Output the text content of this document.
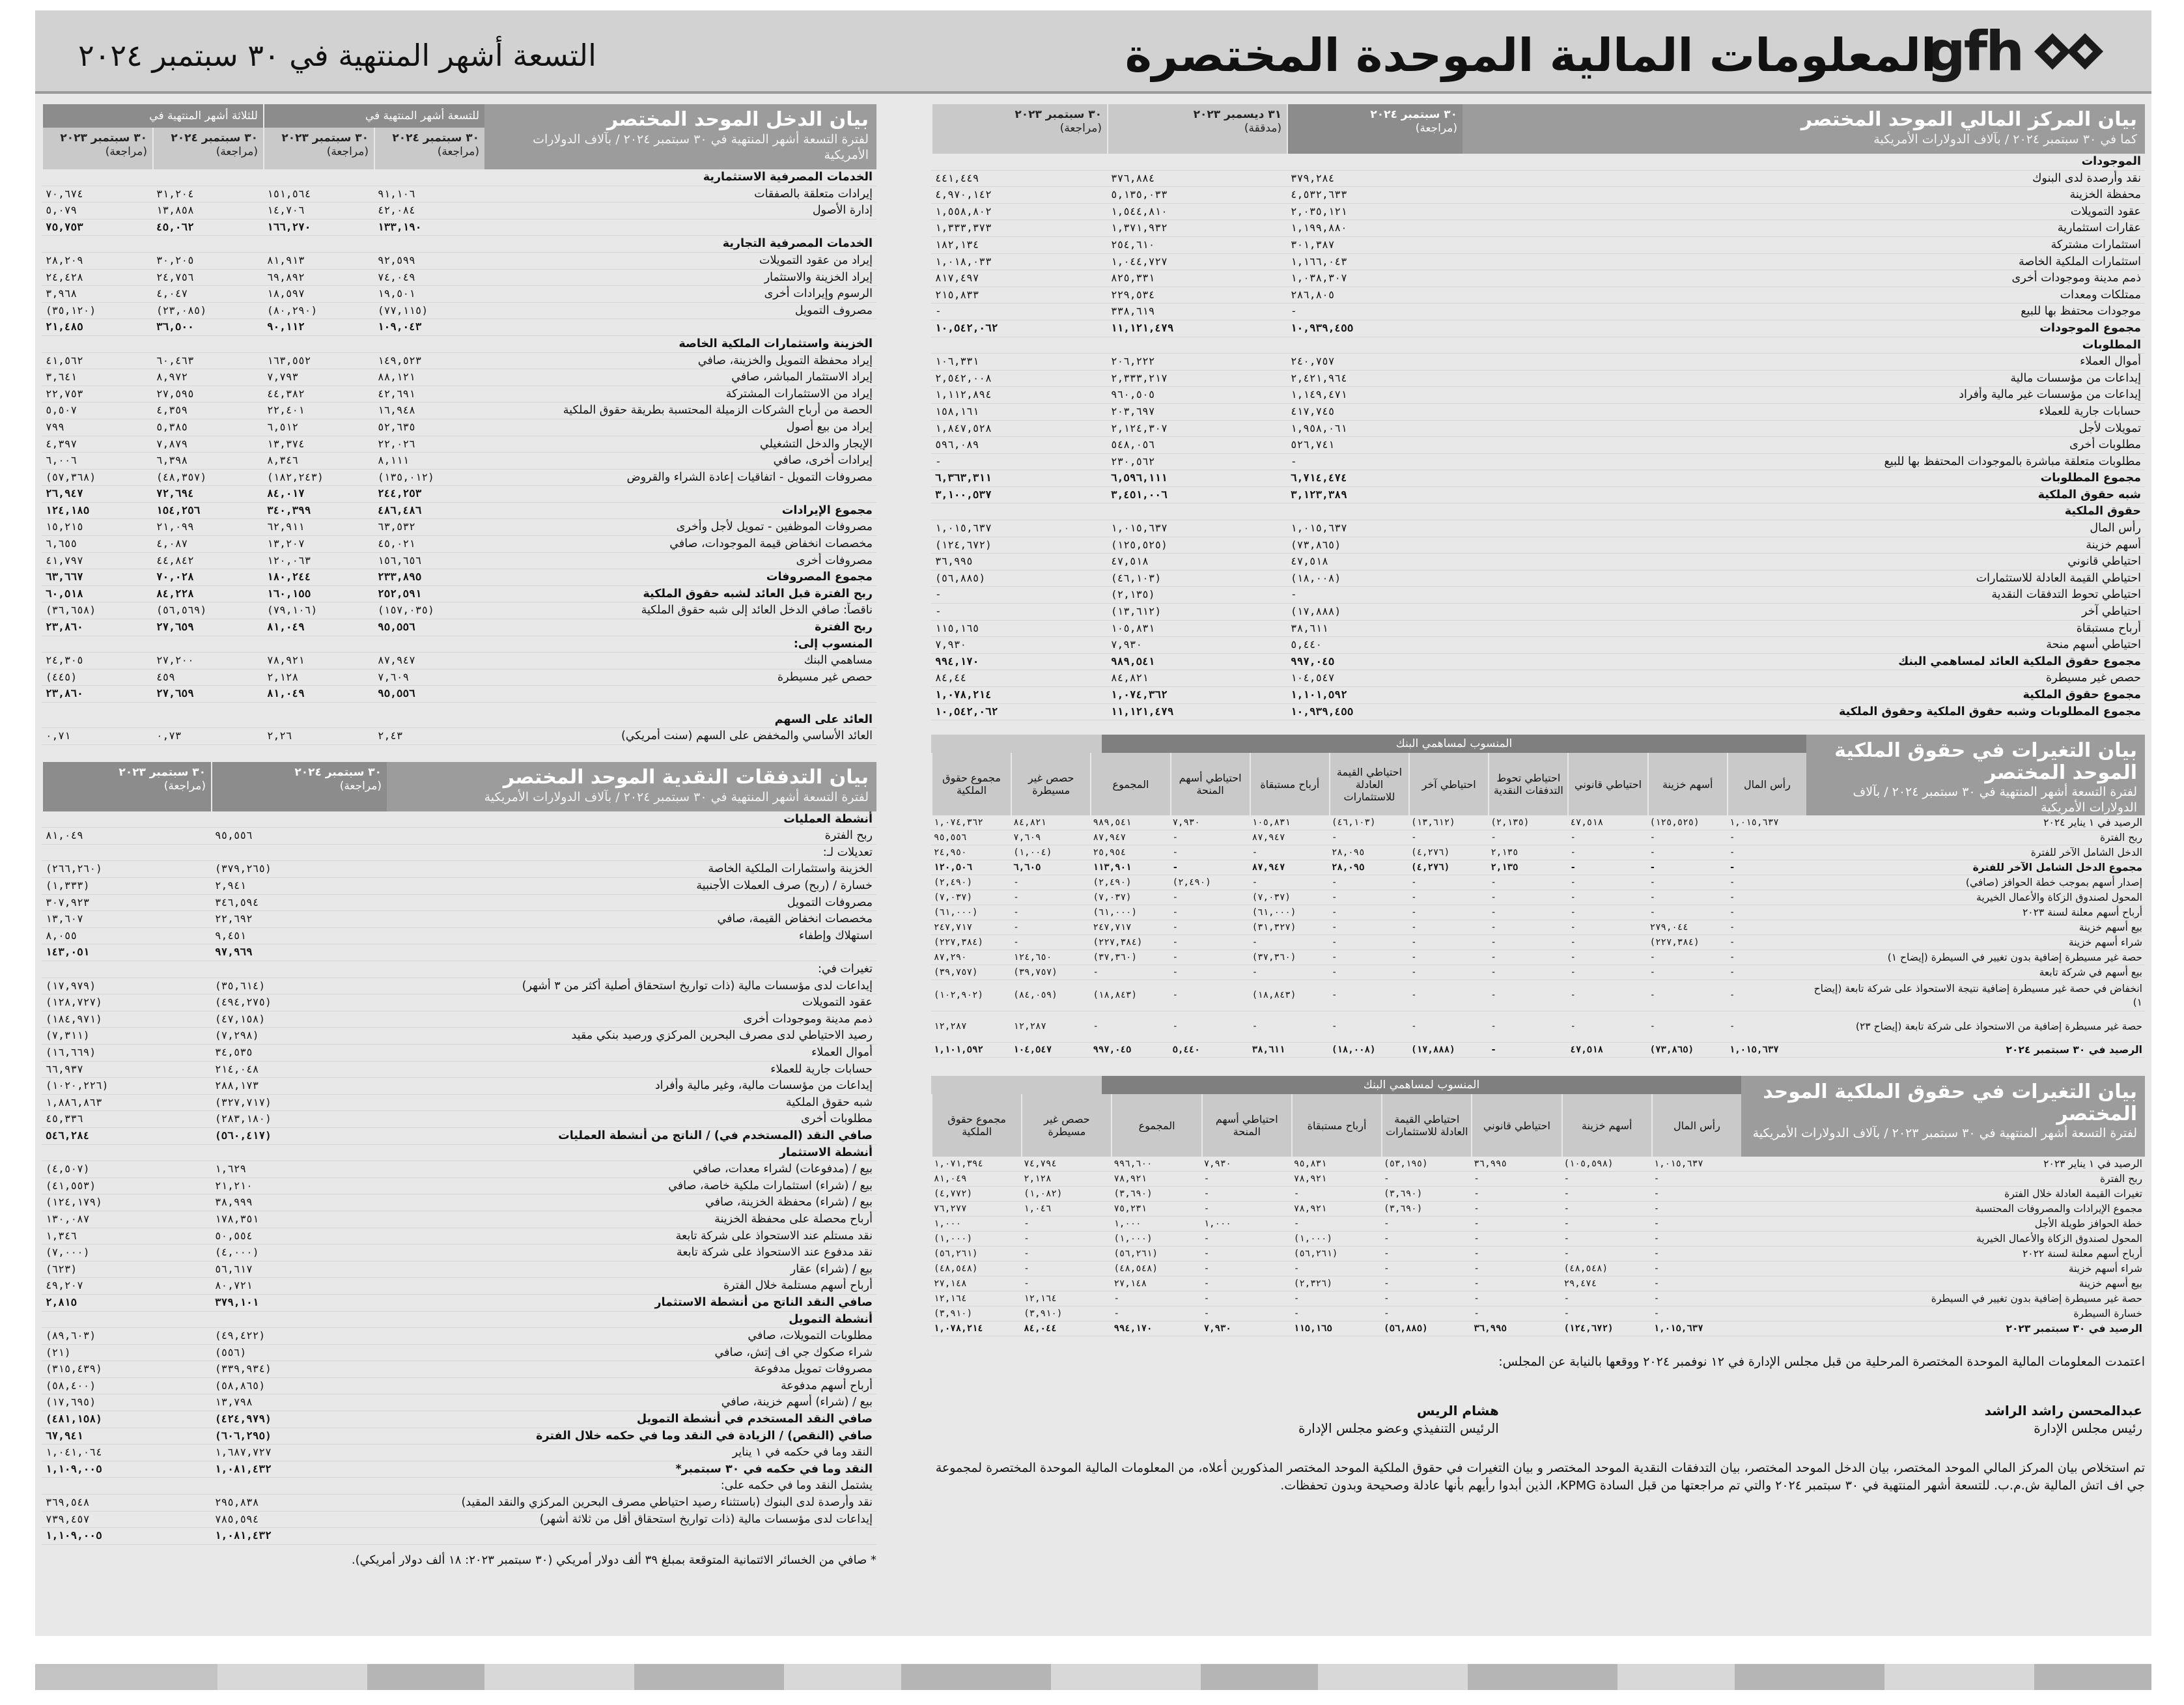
gfh
المعلومات المالية الموحدة المختصرة
التسعة أشهر المنتهية في ٣٠ سبتمبر ٢٠٢٤
بيان المركز المالي الموحد المختصر
كما في ٣٠ سبتمبر ٢٠٢٤ / بآلاف الدولارات الأمريكية
٣٠ سبتمبر ٢٠٢٤
(مراجعة)
٣١ ديسمبر ٢٠٢٣
(مدققة)
٣٠ سبتمبر ٢٠٢٣
(مراجعة)
الموجودات			
نقد وأرصدة لدى البنوك	٣٧٩,٢٨٤	٣٧٦,٨٨٤	٤٤١,٤٤٩
محفظة الخزينة	٤,٥٣٢,٦٣٣	٥,١٣٥,٠٣٣	٤,٩٧٠,١٤٢
عقود التمويلات	٢,٠٣٥,١٢١	١,٥٤٤,٨١٠	١,٥٥٨,٨٠٢
عقارات استثمارية	١,١٩٩,٨٨٠	١,٣٧١,٩٣٢	١,٣٣٣,٣٧٣
استثمارات مشتركة	٣٠١,٣٨٧	٢٥٤,٦١٠	١٨٢,١٣٤
استثمارات الملكية الخاصة	١,١٦٦,٠٤٣	١,٠٤٤,٧٢٧	١,٠١٨,٠٣٣
ذمم مدينة وموجودات أخرى	١,٠٣٨,٣٠٧	٨٢٥,٣٣١	٨١٧,٤٩٧
ممتلكات ومعدات	٢٨٦,٨٠٥	٢٢٩,٥٣٤	٢١٥,٨٣٣
موجودات محتفظ بها للبيع	-	٣٣٨,٦١٩	-
مجموع الموجودات	١٠,٩٣٩,٤٥٥	١١,١٢١,٤٧٩	١٠,٥٤٢,٠٦٢
المطلوبات			
أموال العملاء	٢٤٠,٧٥٧	٢٠٦,٢٢٢	١٠٦,٣٣١
إيداعات من مؤسسات مالية	٢,٤٢١,٩٦٤	٢,٣٣٣,٢١٧	٢,٥٤٢,٠٠٨
إيداعات من مؤسسات غير مالية وأفراد	١,١٤٩,٤٧١	٩٦٠,٥٠٥	١,١١٢,٨٩٤
حسابات جارية للعملاء	٤١٧,٧٤٥	٢٠٣,٦٩٧	١٥٨,١٦١
تمويلات لأجل	١,٩٥٨,٠٦١	٢,١٢٤,٣٠٧	١,٨٤٧,٥٢٨
مطلوبات أخرى	٥٢٦,٧٤١	٥٤٨,٠٥٦	٥٩٦,٠٨٩
مطلوبات متعلقة مباشرة بالموجودات المحتفظ بها للبيع	-	٢٣٠,٥٦٢	-
مجموع المطلوبات	٦,٧١٤,٤٧٤	٦,٥٩٦,١١١	٦,٣٦٣,٣١١
شبه حقوق الملكية	٣,١٢٣,٣٨٩	٣,٤٥١,٠٠٦	٣,١٠٠,٥٣٧
حقوق الملكية			
رأس المال	١,٠١٥,٦٣٧	١,٠١٥,٦٣٧	١,٠١٥,٦٣٧
أسهم خزينة	(٧٣,٨٦٥)	(١٢٥,٥٢٥)	(١٢٤,٦٧٢)
احتياطي قانوني	٤٧,٥١٨	٤٧,٥١٨	٣٦,٩٩٥
احتياطي القيمة العادلة للاستثمارات	(١٨,٠٠٨)	(٤٦,١٠٣)	(٥٦,٨٨٥)
احتياطي تحوط التدفقات النقدية	-	(٢,١٣٥)	-
احتياطي آخر	(١٧,٨٨٨)	(١٣,٦١٢)	-
أرباح مستبقاة	٣٨,٦١١	١٠٥,٨٣١	١١٥,١٦٥
احتياطي أسهم منحة	٥,٤٤٠	٧,٩٣٠	٧,٩٣٠
مجموع حقوق الملكية العائد لمساهمي البنك	٩٩٧,٠٤٥	٩٨٩,٥٤١	٩٩٤,١٧٠
حصص غير مسيطرة	١٠٤,٥٤٧	٨٤,٨٢١	٨٤,٤٤
مجموع حقوق الملكية	١,١٠١,٥٩٢	١,٠٧٤,٣٦٢	١,٠٧٨,٢١٤
مجموع المطلوبات وشبه حقوق الملكية وحقوق الملكية	١٠,٩٣٩,٤٥٥	١١,١٢١,٤٧٩	١٠,٥٤٢,٠٦٢
بيان التغيرات في حقوق الملكية الموحد المختصر
لفترة التسعة أشهر المنتهية في ٣٠ سبتمبر ٢٠٢٤ / بآلاف الدولارات الأمريكية
المنسوب لمساهمي البنك
رأس المال
أسهم خزينة
احتياطي قانوني
احتياطي تحوط التدفقات النقدية
احتياطي آخر
احتياطي القيمة العادلة للاستثمارات
أرباح مستبقاة
احتياطي أسهم المنحة
المجموع
حصص غير مسيطرة
مجموع حقوق الملكية
الرصيد في ١ يناير ٢٠٢٤	١,٠١٥,٦٣٧	(١٢٥,٥٢٥)	٤٧,٥١٨	(٢,١٣٥)	(١٣,٦١٢)	(٤٦,١٠٣)	١٠٥,٨٣١	٧,٩٣٠	٩٨٩,٥٤١	٨٤,٨٢١	١,٠٧٤,٣٦٢
ربح الفترة	-	-	-	-	-	-	٨٧,٩٤٧	-	٨٧,٩٤٧	٧,٦٠٩	٩٥,٥٥٦
الدخل الشامل الآخر للفترة	-	-	-	٢,١٣٥	(٤,٢٧٦)	٢٨,٠٩٥	-	-	٢٥,٩٥٤	(١,٠٠٤)	٢٤,٩٥٠
مجموع الدخل الشامل الآخر للفترة	-	-	-	٢,١٣٥	(٤,٢٧٦)	٢٨,٠٩٥	٨٧,٩٤٧	-	١١٣,٩٠١	٦,٦٠٥	١٢٠,٥٠٦
إصدار أسهم بموجب خطة الحوافز (صافي)	-	-	-	-	-	-	-	(٢,٤٩٠)	(٢,٤٩٠)	-	(٢,٤٩٠)
المحول لصندوق الزكاة والأعمال الخيرية	-	-	-	-	-	-	(٧,٠٣٧)	-	(٧,٠٣٧)	-	(٧,٠٣٧)
أرباح أسهم معلنة لسنة ٢٠٢٣	-	-	-	-	-	-	(٦١,٠٠٠)	-	(٦١,٠٠٠)	-	(٦١,٠٠٠)
بيع أسهم خزينة	-	٢٧٩,٠٤٤	-	-	-	-	(٣١,٣٢٧)	-	٢٤٧,٧١٧	-	٢٤٧,٧١٧
شراء أسهم خزينة	-	(٢٢٧,٣٨٤)	-	-	-	-	-	-	(٢٢٧,٣٨٤)	-	(٢٢٧,٣٨٤)
حصة غير مسيطرة إضافية بدون تغيير في السيطرة (إيضاح ١)	-	-	-	-	-	-	(٣٧,٣٦٠)	-	(٣٧,٣٦٠)	١٢٤,٦٥٠	٨٧,٢٩٠
بيع أسهم في شركة تابعة	-	-	-	-	-	-	-	-	-	(٣٩,٧٥٧)	(٣٩,٧٥٧)
انخفاض في حصة غير مسيطرة إضافية نتيجة الاستحواذ على شركة تابعة (إيضاح ١)	-	-	-	-	-	-	(١٨,٨٤٣)	-	(١٨,٨٤٣)	(٨٤,٠٥٩)	(١٠٢,٩٠٢)
حصة غير مسيطرة إضافية من الاستحواذ على شركة تابعة (إيضاح ٢٣)	-	-	-	-	-	-	-	-	-	١٢,٢٨٧	١٢,٢٨٧
الرصيد في ٣٠ سبتمبر ٢٠٢٤	١,٠١٥,٦٣٧	(٧٣,٨٦٥)	٤٧,٥١٨	-	(١٧,٨٨٨)	(١٨,٠٠٨)	٣٨,٦١١	٥,٤٤٠	٩٩٧,٠٤٥	١٠٤,٥٤٧	١,١٠١,٥٩٢
بيان التغيرات في حقوق الملكية الموحد المختصر
لفترة التسعة أشهر المنتهية في ٣٠ سبتمبر ٢٠٢٣ / بآلاف الدولارات الأمريكية
المنسوب لمساهمي البنك
رأس المال
أسهم خزينة
احتياطي قانوني
احتياطي القيمة العادلة للاستثمارات
أرباح مستبقاة
احتياطي أسهم المنحة
المجموع
حصص غير مسيطرة
مجموع حقوق الملكية
الرصيد في ١ يناير ٢٠٢٣	١,٠١٥,٦٣٧	(١٠٥,٥٩٨)	٣٦,٩٩٥	(٥٣,١٩٥)	٩٥,٨٣١	٧,٩٣٠	٩٩٦,٦٠٠	٧٤,٧٩٤	١,٠٧١,٣٩٤
ربح الفترة	-	-	-	-	٧٨,٩٢١	-	٧٨,٩٢١	٢,١٢٨	٨١,٠٤٩
تغيرات القيمة العادلة خلال الفترة	-	-	-	(٣,٦٩٠)	-	-	(٣,٦٩٠)	(١,٠٨٢)	(٤,٧٧٢)
مجموع الإيرادات والمصروفات المحتسبة	-	-	-	(٣,٦٩٠)	٧٨,٩٢١	-	٧٥,٢٣١	١,٠٤٦	٧٦,٢٧٧
خطة الحوافز طويلة الأجل	-	-	-	-	-	١,٠٠٠	١,٠٠٠	-	١,٠٠٠
المحول لصندوق الزكاة والأعمال الخيرية	-	-	-	-	(١,٠٠٠)	-	(١,٠٠٠)	-	(١,٠٠٠)
أرباح أسهم معلنة لسنة ٢٠٢٢	-	-	-	-	(٥٦,٢٦١)	-	(٥٦,٢٦١)	-	(٥٦,٢٦١)
شراء أسهم خزينة	-	(٤٨,٥٤٨)	-	-	-	-	(٤٨,٥٤٨)	-	(٤٨,٥٤٨)
بيع أسهم خزينة	-	٢٩,٤٧٤	-	-	(٢,٣٢٦)	-	٢٧,١٤٨	-	٢٧,١٤٨
حصة غير مسيطرة إضافية بدون تغيير في السيطرة	-	-	-	-	-	-	-	١٢,١٦٤	١٢,١٦٤
خسارة السيطرة	-	-	-	-	-	-	-	(٣,٩١٠)	(٣,٩١٠)
الرصيد في ٣٠ سبتمبر ٢٠٢٣	١,٠١٥,٦٣٧	(١٢٤,٦٧٢)	٣٦,٩٩٥	(٥٦,٨٨٥)	١١٥,١٦٥	٧,٩٣٠	٩٩٤,١٧٠	٨٤,٠٤٤	١,٠٧٨,٢١٤
اعتمدت المعلومات المالية الموحدة المختصرة المرحلية من قبل مجلس الإدارة في ١٢ نوفمبر ٢٠٢٤ ووقعها بالنيابة عن المجلس:
عبدالمحسن راشد الراشد
رئيس مجلس الإدارة
هشام الريس
الرئيس التنفيذي وعضو مجلس الإدارة
تم استخلاص بيان المركز المالي الموحد المختصر، بيان الدخل الموحد المختصر، بيان التدفقات النقدية الموحد المختصر و بيان التغيرات في حقوق الملكية الموحد المختصر المذكورين أعلاه، من المعلومات المالية الموحدة المختصرة لمجموعة جي اف اتش المالية ش.م.ب. للتسعة أشهر المنتهية في ٣٠ سبتمبر ٢٠٢٤ والتي تم مراجعتها من قبل السادة KPMG، الذين أبدوا رأيهم بأنها عادلة وصحيحة وبدون تحفظات.
بيان الدخل الموحد المختصر
لفترة التسعة أشهر المنتهية في ٣٠ سبتمبر ٢٠٢٤ / بآلاف الدولارات الأمريكية
للتسعة أشهر المنتهية في
للثلاثة أشهر المنتهية في
٣٠ سبتمبر ٢٠٢٤
(مراجعة)
٣٠ سبتمبر ٢٠٢٣
(مراجعة)
٣٠ سبتمبر ٢٠٢٤
(مراجعة)
٣٠ سبتمبر ٢٠٢٣
(مراجعة)
الخدمات المصرفية الاستثمارية				
إيرادات متعلقة بالصفقات	٩١,١٠٦	١٥١,٥٦٤	٣١,٢٠٤	٧٠,٦٧٤
إدارة الأصول	٤٢,٠٨٤	١٤,٧٠٦	١٣,٨٥٨	٥,٠٧٩
	١٣٣,١٩٠	١٦٦,٢٧٠	٤٥,٠٦٢	٧٥,٧٥٣
الخدمات المصرفية التجارية				
إيراد من عقود التمويلات	٩٢,٥٩٩	٨١,٩١٣	٣٠,٢٠٥	٢٨,٢٠٩
إيراد الخزينة والاستثمار	٧٤,٠٤٩	٦٩,٨٩٢	٢٤,٧٥٦	٢٤,٤٢٨
الرسوم وإيرادات أخرى	١٩,٥٠١	١٨,٥٩٧	٤,٠٤٧	٣,٩٦٨
مصروف التمويل	(٧٧,١١٥)	(٨٠,٢٩٠)	(٢٣,٠٨٥)	(٣٥,١٢٠)
	١٠٩,٠٤٣	٩٠,١١٢	٣٦,٥٠٠	٢١,٤٨٥
الخزينة واستثمارات الملكية الخاصة				
إيراد محفظة التمويل والخزينة، صافي	١٤٩,٥٢٣	١٦٣,٥٥٢	٦٠,٤٦٣	٤١,٥٦٢
إيراد الاستثمار المباشر، صافي	٨٨,١٢١	٧,٧٩٣	٨,٩٧٢	٣,٦٤١
إيراد من الاستثمارات المشتركة	٤٢,٦٩١	٤٤,٣٨٢	٢٧,٥٩٥	٢٢,٧٥٣
الحصة من أرباح الشركات الزميلة المحتسبة بطريقة حقوق الملكية	١٦,٩٤٨	٢٢,٤٠١	٤,٣٥٩	٥,٥٠٧
إيراد من بيع أصول	٥٢,٦٣٥	٦,٥١٢	٥,٣٨٥	٧٩٩
الإيجار والدخل التشغيلي	٢٢,٠٢٦	١٣,٣٧٤	٧,٨٧٩	٤,٣٩٧
إيرادات أخرى، صافي	٨,١١١	٨,٣٤٦	٦,٣٩٨	٦,٠٠٦
مصروفات التمويل - اتفاقيات إعادة الشراء والقروض	(١٣٥,٠١٢)	(١٨٢,٢٤٣)	(٤٨,٣٥٧)	(٥٧,٣٦٨)
	٢٤٤,٢٥٣	٨٤,٠١٧	٧٢,٦٩٤	٢٦,٩٤٧
مجموع الإيرادات	٤٨٦,٤٨٦	٣٤٠,٣٩٩	١٥٤,٢٥٦	١٢٤,١٨٥
مصروفات الموظفين - تمويل لأجل وأخرى	٦٣,٥٣٢	٦٢,٩١١	٢١,٠٩٩	١٥,٢١٥
مخصصات انخفاض قيمة الموجودات، صافي	٤٥,٠٢١	١٣,٢٠٧	٤,٠٨٧	٦,٦٥٥
مصروفات أخرى	١٥٦,٦٥٦	١٢٠,٠٦٣	٤٤,٨٤٢	٤١,٧٩٧
مجموع المصروفات	٢٣٣,٨٩٥	١٨٠,٢٤٤	٧٠,٠٢٨	٦٣,٦٦٧
ربح الفترة قبل العائد لشبه حقوق الملكية	٢٥٢,٥٩١	١٦٠,١٥٥	٨٤,٢٢٨	٦٠,٥١٨
ناقصاً: صافي الدخل العائد إلى شبه حقوق الملكية	(١٥٧,٠٣٥)	(٧٩,١٠٦)	(٥٦,٥٦٩)	(٣٦,٦٥٨)
ربح الفترة	٩٥,٥٥٦	٨١,٠٤٩	٢٧,٦٥٩	٢٣,٨٦٠
المنسوب إلى:				
مساهمي البنك	٨٧,٩٤٧	٧٨,٩٢١	٢٧,٢٠٠	٢٤,٣٠٥
حصص غير مسيطرة	٧,٦٠٩	٢,١٢٨	٤٥٩	(٤٤٥)
	٩٥,٥٥٦	٨١,٠٤٩	٢٧,٦٥٩	٢٣,٨٦٠

العائد على السهم				
العائد الأساسي والمخفض على السهم (سنت أمريكي)	٢,٤٣	٢,٢٦	٠,٧٣	٠,٧١
بيان التدفقات النقدية الموحد المختصر
لفترة التسعة أشهر المنتهية في ٣٠ سبتمبر ٢٠٢٤ / بآلاف الدولارات الأمريكية
٣٠ سبتمبر ٢٠٢٤
(مراجعة)
٣٠ سبتمبر ٢٠٢٣
(مراجعة)
أنشطة العمليات		
ربح الفترة	٩٥,٥٥٦	٨١,٠٤٩
تعديلات لـ:		
الخزينة واستثمارات الملكية الخاصة	(٣٧٩,٢٦٥)	(٢٦٦,٢٦٠)
خسارة / (ربح) صرف العملات الأجنبية	٢,٩٤١	(١,٣٣٣)
مصروفات التمويل	٣٤٦,٥٩٤	٣٠٧,٩٢٣
مخصصات انخفاض القيمة، صافي	٢٢,٦٩٢	١٣,٦٠٧
استهلاك وإطفاء	٩,٤٥١	٨,٠٥٥
	٩٧,٩٦٩	١٤٣,٠٥١
تغيرات في:		
إيداعات لدى مؤسسات مالية (ذات تواريخ استحقاق أصلية أكثر من ٣ أشهر)	(٣٥,٦١٤)	(١٧,٩٧٩)
عقود التمويلات	(٤٩٤,٢٧٥)	(١٢٨,٧٢٧)
ذمم مدينة وموجودات أخرى	(٤٧,١٥٨)	(١٨٤,٩٧١)
رصيد الاحتياطي لدى مصرف البحرين المركزي ورصيد بنكي مقيد	(٧,٢٩٨)	(٧,٣١١)
أموال العملاء	٣٤,٥٣٥	(١٦,٦٦٩)
حسابات جارية للعملاء	٢١٤,٠٤٨	٦٦,٩٣٧
إيداعات من مؤسسات مالية، وغير مالية وأفراد	٢٨٨,١٧٣	(١٠٢٠,٢٢٦)
شبه حقوق الملكية	(٣٢٧,٧١٧)	١,٨٨٦,٨٦٣
مطلوبات أخرى	(٢٨٣,١٨٠)	٤٥,٣٣٦
صافي النقد (المستخدم في) / الناتج من أنشطة العمليات	(٥٦٠,٤١٧)	٥٤٦,٢٨٤
أنشطة الاستثمار		
بيع / (مدفوعات) لشراء معدات، صافي	١,٦٢٩	(٤,٥٠٧)
بيع / (شراء) استثمارات ملكية خاصة، صافي	٢١,٢١٠	(٤١,٥٥٣)
بيع / (شراء) محفظة الخزينة، صافي	٣٨,٩٩٩	(١٢٤,١٧٩)
أرباح محصلة على محفظة الخزينة	١٧٨,٣٥١	١٣٠,٠٨٧
نقد مستلم عند الاستحواذ على شركة تابعة	٥٠,٥٥٤	١,٣٤٦
نقد مدفوع عند الاستحواذ على شركة تابعة	(٤,٠٠٠)	(٧,٠٠٠)
بيع / (شراء) عقار	٥٦,٦١٧	(٦٢٣)
أرباح أسهم مستلمة خلال الفترة	٨٠,٧٢١	٤٩,٢٠٧
صافي النقد الناتج من أنشطة الاستثمار	٣٧٩,١٠١	٢,٨١٥
أنشطة التمويل		
مطلوبات التمويلات، صافي	(٤٩,٤٢٢)	(٨٩,٦٠٣)
شراء صكوك جي اف إتش، صافي	(٥٥٦)	(٢١)
مصروفات تمويل مدفوعة	(٣٣٩,٩٣٤)	(٣١٥,٤٣٩)
أرباح أسهم مدفوعة	(٥٨,٨٦٥)	(٥٨,٤٠٠)
بيع / (شراء) أسهم خزينة، صافي	١٣,٧٩٨	(١٧,٦٩٥)
صافي النقد المستخدم في أنشطة التمويل	(٤٢٤,٩٧٩)	(٤٨١,١٥٨)
صافي (النقص) / الزيادة في النقد وما في حكمه خلال الفترة	(٦٠٦,٢٩٥)	٦٧,٩٤١
النقد وما في حكمه في ١ يناير	١,٦٨٧,٧٢٧	١,٠٤١,٠٦٤
النقد وما في حكمه في ٣٠ سبتمبر*	١,٠٨١,٤٣٢	١,١٠٩,٠٠٥
يشتمل النقد وما في حكمه على:		
نقد وأرصدة لدى البنوك (باستثناء رصيد احتياطي مصرف البحرين المركزي والنقد المقيد)	٢٩٥,٨٣٨	٣٦٩,٥٤٨
إيداعات لدى مؤسسات مالية (ذات تواريخ استحقاق أقل من ثلاثة أشهر)	٧٨٥,٥٩٤	٧٣٩,٤٥٧
	١,٠٨١,٤٣٢	١,١٠٩,٠٠٥
* صافي من الخسائر الائتمانية المتوقعة بمبلغ ٣٩ ألف دولار أمريكي (٣٠ سبتمبر ٢٠٢٣: ١٨ ألف دولار أمريكي).
